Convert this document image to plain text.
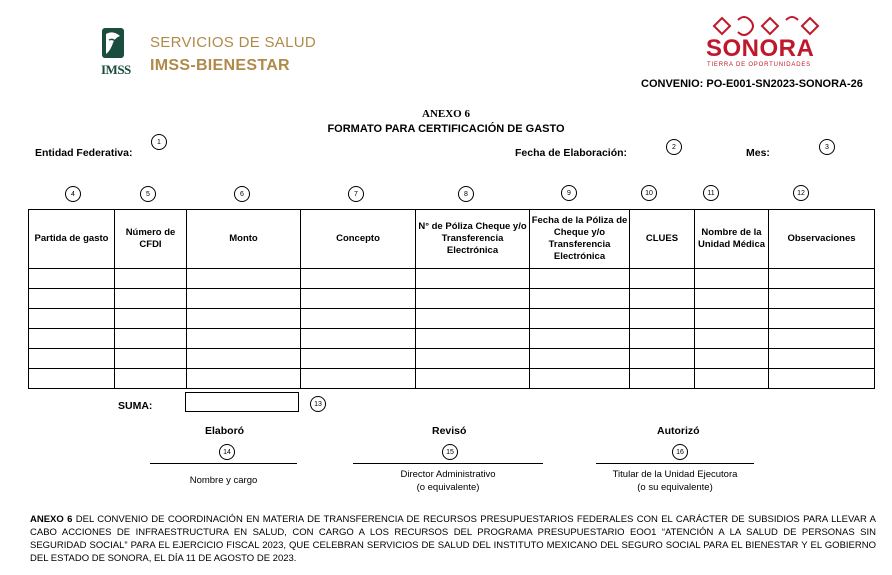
IMSS
SERVICIOS DE SALUD
IMSS-BIENESTAR
SONORA
TIERRA DE OPORTUNIDADES
CONVENIO: PO-E001-SN2023-SONORA-26
ANEXO 6
FORMATO PARA CERTIFICACIÓN DE GASTO
Entidad Federativa:	Fecha de Elaboración:	Mes:
1
2	3
4	5	6	7	8	9	10	11	12
13
14	15	16
Partida de gasto	Número de CFDI	Monto	Concepto	N° de Póliza Cheque y/o Transferencia Electrónica	Fecha de la Póliza de Cheque y/o Transferencia Electrónica	CLUES	Nombre de la Unidad Médica	Observaciones

SUMA:
Elaboró
Nombre y cargo
Revisó
Director Administrativo
(o equivalente)
Autorizó
Titular de la Unidad Ejecutora
(o su equivalente)
ANEXO 6 DEL CONVENIO DE COORDINACIÓN EN MATERIA DE TRANSFERENCIA DE RECURSOS PRESUPUESTARIOS FEDERALES CON EL CARÁCTER DE SUBSIDIOS PARA LLEVAR A CABO ACCIONES DE INFRAESTRUCTURA EN SALUD, CON CARGO A LOS RECURSOS DEL PROGRAMA PRESUPUESTARIO EOO1 “ATENCIÓN A LA SALUD DE PERSONAS SIN SEGURIDAD SOCIAL” PARA EL EJERCICIO FISCAL 2023, QUE CELEBRAN SERVICIOS DE SALUD DEL INSTITUTO MEXICANO DEL SEGURO SOCIAL PARA EL BIENESTAR Y EL GOBIERNO DEL ESTADO DE SONORA, EL DÍA 11 DE AGOSTO DE 2023.
